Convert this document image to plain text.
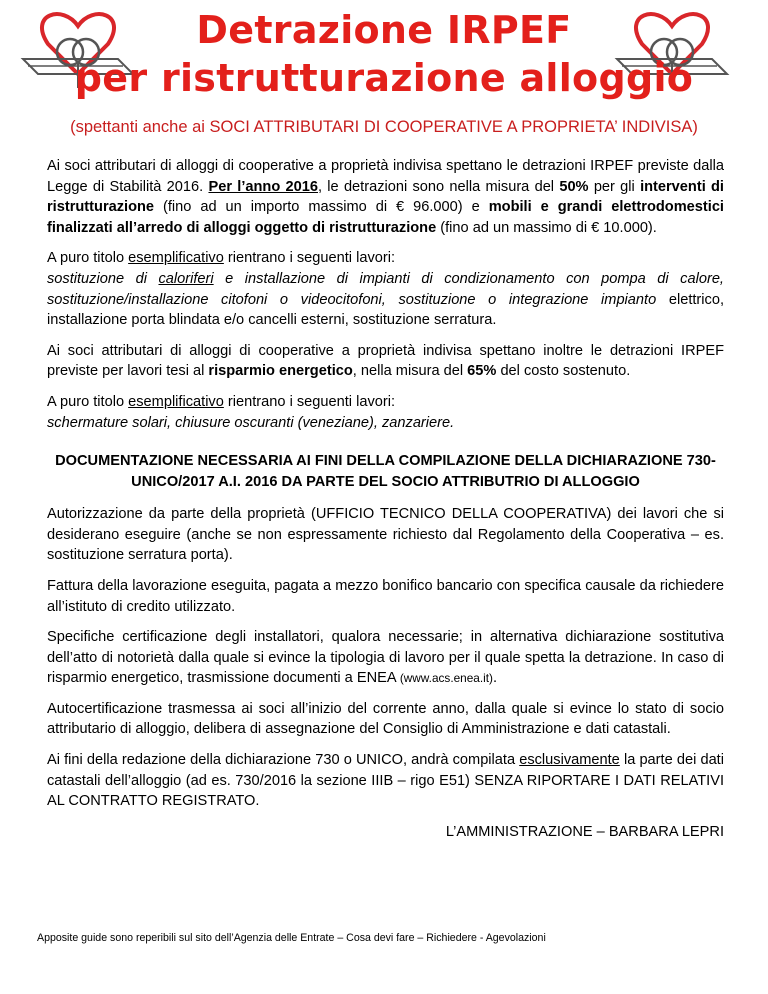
Detrazione IRPEF
per ristrutturazione alloggio
(spettanti anche ai SOCI ATTRIBUTARI DI COOPERATIVE A PROPRIETA’ INDIVISA)

Ai soci attributari di alloggi di cooperative a proprietà indivisa spettano le detrazioni IRPEF previste dalla Legge di Stabilità 2016. Per l’anno 2016, le detrazioni sono nella misura del 50% per gli interventi di ristrutturazione (fino ad un importo massimo di € 96.000) e mobili e grandi elettrodomestici finalizzati all’arredo di alloggi oggetto di ristrutturazione (fino ad un massimo di € 10.000).

A puro titolo esemplificativo rientrano i seguenti lavori:
sostituzione di caloriferi e installazione di impianti di condizionamento con pompa di calore, sostituzione/installazione citofoni o videocitofoni, sostituzione o integrazione impianto elettrico, installazione porta blindata e/o cancelli esterni, sostituzione serratura.

Ai soci attributari di alloggi di cooperative a proprietà indivisa spettano inoltre le detrazioni IRPEF previste per lavori tesi al risparmio energetico, nella misura del 65% del costo sostenuto.

A puro titolo esemplificativo rientrano i seguenti lavori:
schermature solari, chiusure oscuranti (veneziane), zanzariere.

DOCUMENTAZIONE NECESSARIA AI FINI DELLA COMPILAZIONE DELLA DICHIARAZIONE 730-UNICO/2017 A.I. 2016 DA PARTE DEL SOCIO ATTRIBUTRIO DI ALLOGGIO

Autorizzazione da parte della proprietà (UFFICIO TECNICO DELLA COOPERATIVA) dei lavori che si desiderano eseguire (anche se non espressamente richiesto dal Regolamento della Cooperativa – es. sostituzione serratura porta).

Fattura della lavorazione eseguita, pagata a mezzo bonifico bancario con specifica causale da richiedere all’istituto di credito utilizzato.

Specifiche certificazione degli installatori, qualora necessarie; in alternativa dichiarazione sostitutiva dell’atto di notorietà dalla quale si evince la tipologia di lavoro per il quale spetta la detrazione. In caso di risparmio energetico, trasmissione documenti a ENEA (www.acs.enea.it).

Autocertificazione trasmessa ai soci all’inizio del corrente anno, dalla quale si evince lo stato di socio attributario di alloggio, delibera di assegnazione del Consiglio di Amministrazione e dati catastali.

Ai fini della redazione della dichiarazione 730 o UNICO, andrà compilata esclusivamente la parte dei dati catastali dell’alloggio (ad es. 730/2016 la sezione IIIB – rigo E51) SENZA RIPORTARE I DATI RELATIVI AL CONTRATTO REGISTRATO.

L’AMMINISTRAZIONE – BARBARA LEPRI

Apposite guide sono reperibili sul sito dell’Agenzia delle Entrate – Cosa devi fare – Richiedere - Agevolazioni
